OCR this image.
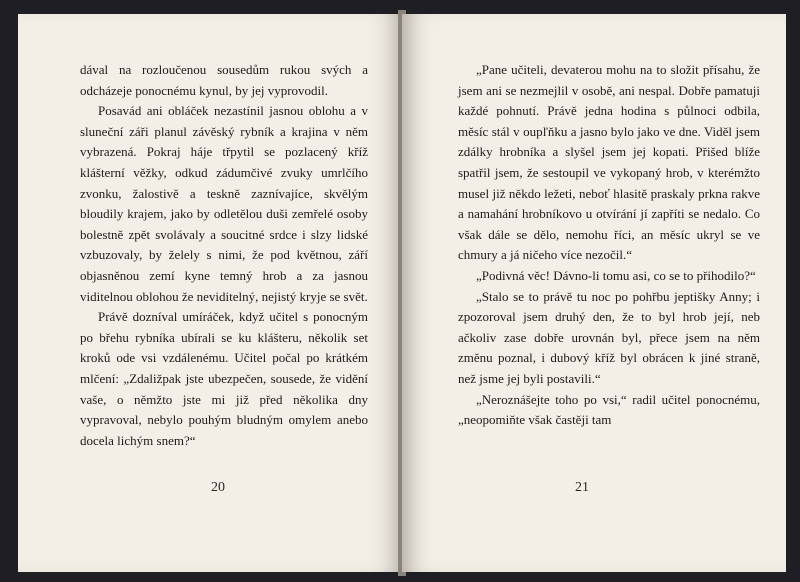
dával na rozloučenou sousedům rukou svých a odcházeje ponocnému kynul, by jej vyprovodil.

Posavád ani obláček nezastínil jasnou oblohu a v sluneční záři planul závěský rybník a krajina v něm vybrazená. Pokraj háje třpytil se pozlacený kříž klášterní věžky, odkud zádumčivé zvuky umrlčího zvonku, žalostivě a teskně zaznívajíce, skvělým bloudily krajem, jako by odletělou duši zemřelé osoby bolestně zpět svolávaly a soucitné srdce i slzy lidské vzbuzovaly, by želely s nimi, že pod květnou, září objasněnou zemí kyne temný hrob a za jasnou viditelnou oblohou že neviditelný, nejistý kryje se svět.

Právě dozníval umíráček, když učitel s ponocným po břehu rybníka ubírali se ku klášteru, několik set kroků ode vsi vzdálenému. Učitel počal po krátkém mlčení: „Zdaližpak jste ubezpečen, sousede, že vidění vaše, o němžto jste mi již před několika dny vypravoval, nebylo pouhým bludným omylem anebo docela lichým snem?“

20

„Pane učiteli, devaterou mohu na to složit přísahu, že jsem ani se nezmejlil v osobě, ani nespal. Dobře pamatuji každé pohnutí. Právě jedna hodina s půlnoci odbila, měsíc stál v oupľňku a jasno bylo jako ve dne. Viděl jsem zdálky hrobníka a slyšel jsem jej kopati. Přišed blíže spatřil jsem, že sestoupil ve vykopaný hrob, v kterémžto musel již někdo ležeti, neboť hlasitě praskaly prkna rakve a namahání hrobníkovo u otvírání jí zapříti se nedalo. Co však dále se dělo, nemohu říci, an měsíc ukryl se ve chmury a já ničeho více nezočil.“

„Podivná věc! Dávno-li tomu asi, co se to přihodilo?“

„Stalo se to právě tu noc po pohřbu jeptišky Anny; i zpozoroval jsem druhý den, že to byl hrob její, neb ačkoliv zase dobře urovnán byl, přece jsem na něm změnu poznal, i dubový kříž byl obrácen k jiné straně, než jsme jej byli postavili.“

„Neroznášejte toho po vsi,“ radil učitel ponocnému, „neopomiňte však častěji tam

21
